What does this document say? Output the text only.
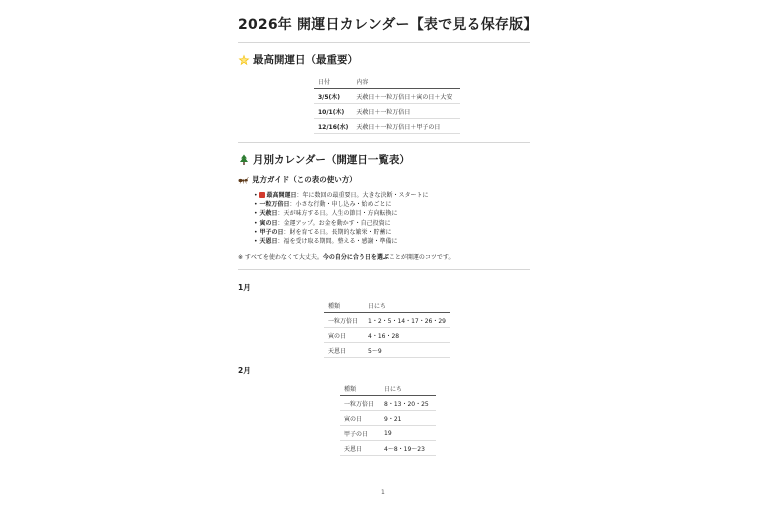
2026年 開運日カレンダー【表で見る保存版】
最高開運日（最重要）
日付	内容
3/5(木)	天赦日＋一粒万倍日＋寅の日＋大安
10/1(木)	天赦日＋一粒万倍日
12/16(水)	天赦日＋一粒万倍日＋甲子の日
月別カレンダー（開運日一覧表）
見方ガイド（この表の使い方）
• 最高開運日：年に数回の最重要日。大きな決断・スタートに
• 一粒万倍日：小さな行動・申し込み・始めごとに
• 天赦日：天が味方する日。人生の節目・方向転換に
• 寅の日：金運アップ。お金を動かす・自己投資に
• 甲子の日：財を育てる日。長期的な繁栄・貯蓄に
• 天恩日：福を受け取る期間。整える・感謝・準備に
※ すべてを使わなくて大丈夫。今の自分に合う日を選ぶことが開運のコツです。
1月
種類	日にち
一粒万倍日	1・2・5・14・17・26・29
寅の日	4・16・28
天恩日	5〜9
2月
種類	日にち
一粒万倍日	8・13・20・25
寅の日	9・21
甲子の日	19
天恩日	4〜8・19〜23
1
